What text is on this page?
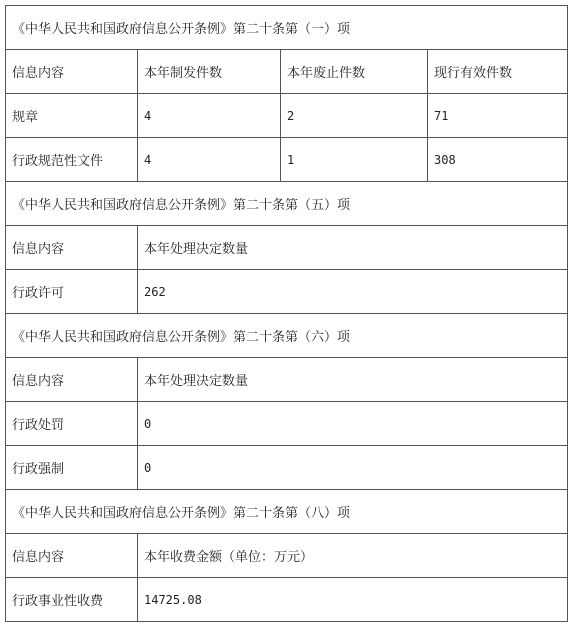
《中华人民共和国政府信息公开条例》第二十条第（一）项			
信息内容	本年制发件数	本年废止件数	现行有效件数
规章	4	2	71
行政规范性文件	4	1	308
《中华人民共和国政府信息公开条例》第二十条第（五）项			
信息内容	本年处理决定数量		
行政许可	262		
《中华人民共和国政府信息公开条例》第二十条第（六）项			
信息内容	本年处理决定数量		
行政处罚	0		
行政强制	0		
《中华人民共和国政府信息公开条例》第二十条第（八）项			
信息内容	本年收费金额（单位：万元）		
行政事业性收费	14725.08		
